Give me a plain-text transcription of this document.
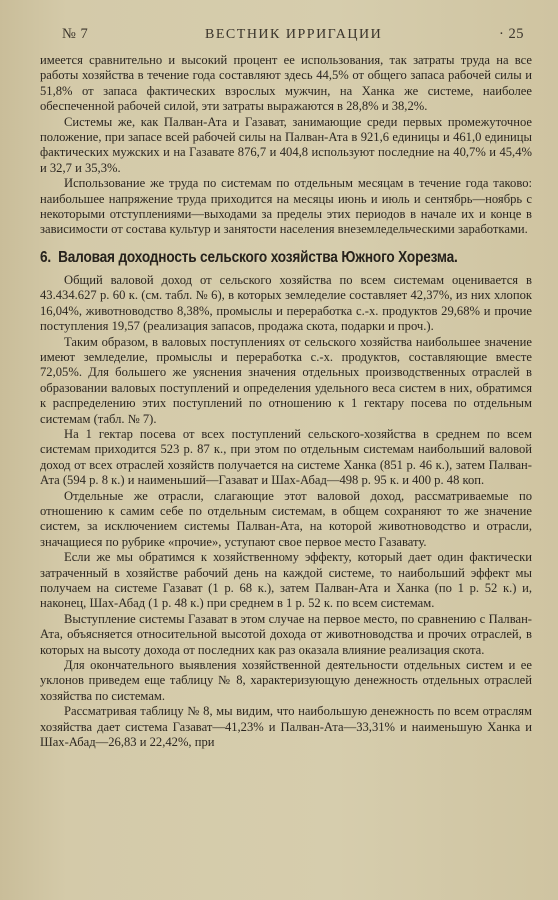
№ 7	ВЕСТНИК ИРРИГАЦИИ	· 25

имеется сравнительно и высокий процент ее использования, так затраты труда на все работы хозяйства в течение года составляют здесь 44,5% от общего запаса рабочей силы и 51,8% от запаса фактических взрослых мужчин, на Ханка же системе, наиболее обеспеченной рабочей силой, эти затраты выражаются в 28,8% и 38,2%.

Системы же, как Палван-Ата и Газават, занимающие среди первых промежуточное положение, при запасе всей рабочей силы на Палван-Ата в 921,6 единицы и 461,0 единицы фактических мужских и на Газавате 876,7 и 404,8 используют последние на 40,7% и 45,4% и 32,7 и 35,3%.

Использование же труда по системам по отдельным месяцам в течение года таково: наибольшее напряжение труда приходится на месяцы июнь и июль и сентябрь—ноябрь с некоторыми отступлениями—выходами за пределы этих периодов в начале их и конце в зависимости от состава культур и занятости населения внеземледельческими заработками.

6. Валовая доходность сельского хозяйства Южного Хорезма.

Общий валовой доход от сельского хозяйства по всем системам оценивается в 43.434.627 р. 60 к. (см. табл. № 6), в которых земледелие составляет 42,37%, из них хлопок 16,04%, животноводство 8,38%, промыслы и переработка с.-х. продуктов 29,68% и прочие поступления 19,57 (реализация запасов, продажа скота, подарки и проч.).

Таким образом, в валовых поступлениях от сельского хозяйства наибольшее значение имеют земледелие, промыслы и переработка с.-х. продуктов, составляющие вместе 72,05%. Для большего же уяснения значения отдельных производственных отраслей в образовании валовых поступлений и определения удельного веса систем в них, обратимся к распределению этих поступлений по отношению к 1 гектару посева по отдельным системам (табл. № 7).

На 1 гектар посева от всех поступлений сельского-хозяйства в среднем по всем системам приходится 523 р. 87 к., при этом по отдельным системам наибольший валовой доход от всех отраслей хозяйств получается на системе Ханка (851 р. 46 к.), затем Палван-Ата (594 р. 8 к.) и наименьший—Газават и Шах-Абад—498 р. 95 к. и 400 р. 48 коп.

Отдельные же отрасли, слагающие этот валовой доход, рассматриваемые по отношению к самим себе по отдельным системам, в общем сохраняют то же значение систем, за исключением системы Палван-Ата, на которой животноводство и отрасли, значащиеся по рубрике «прочие», уступают свое первое место Газавату.

Если же мы обратимся к хозяйственному эффекту, который дает один фактически затраченный в хозяйстве рабочий день на каждой системе, то наибольший эффект мы получаем на системе Газават (1 р. 68 к.), затем Палван-Ата и Ханка (по 1 р. 52 к.) и, наконец, Шах-Абад (1 р. 48 к.) при среднем в 1 р. 52 к. по всем системам.

Выступление системы Газават в этом случае на первое место, по сравнению с Палван-Ата, объясняется относительной высотой дохода от животноводства и прочих отраслей, в которых на высоту дохода от последних как раз оказала влияние реализация скота.

Для окончательного выявления хозяйственной деятельности отдельных систем и ее уклонов приведем еще таблицу № 8, характеризующую денежность отдельных отраслей хозяйства по системам.

Рассматривая таблицу № 8, мы видим, что наибольшую денежность по всем отраслям хозяйства дает система Газават—41,23% и Палван-Ата—33,31% и наименьшую Ханка и Шах-Абад—26,83 и 22,42%, при
